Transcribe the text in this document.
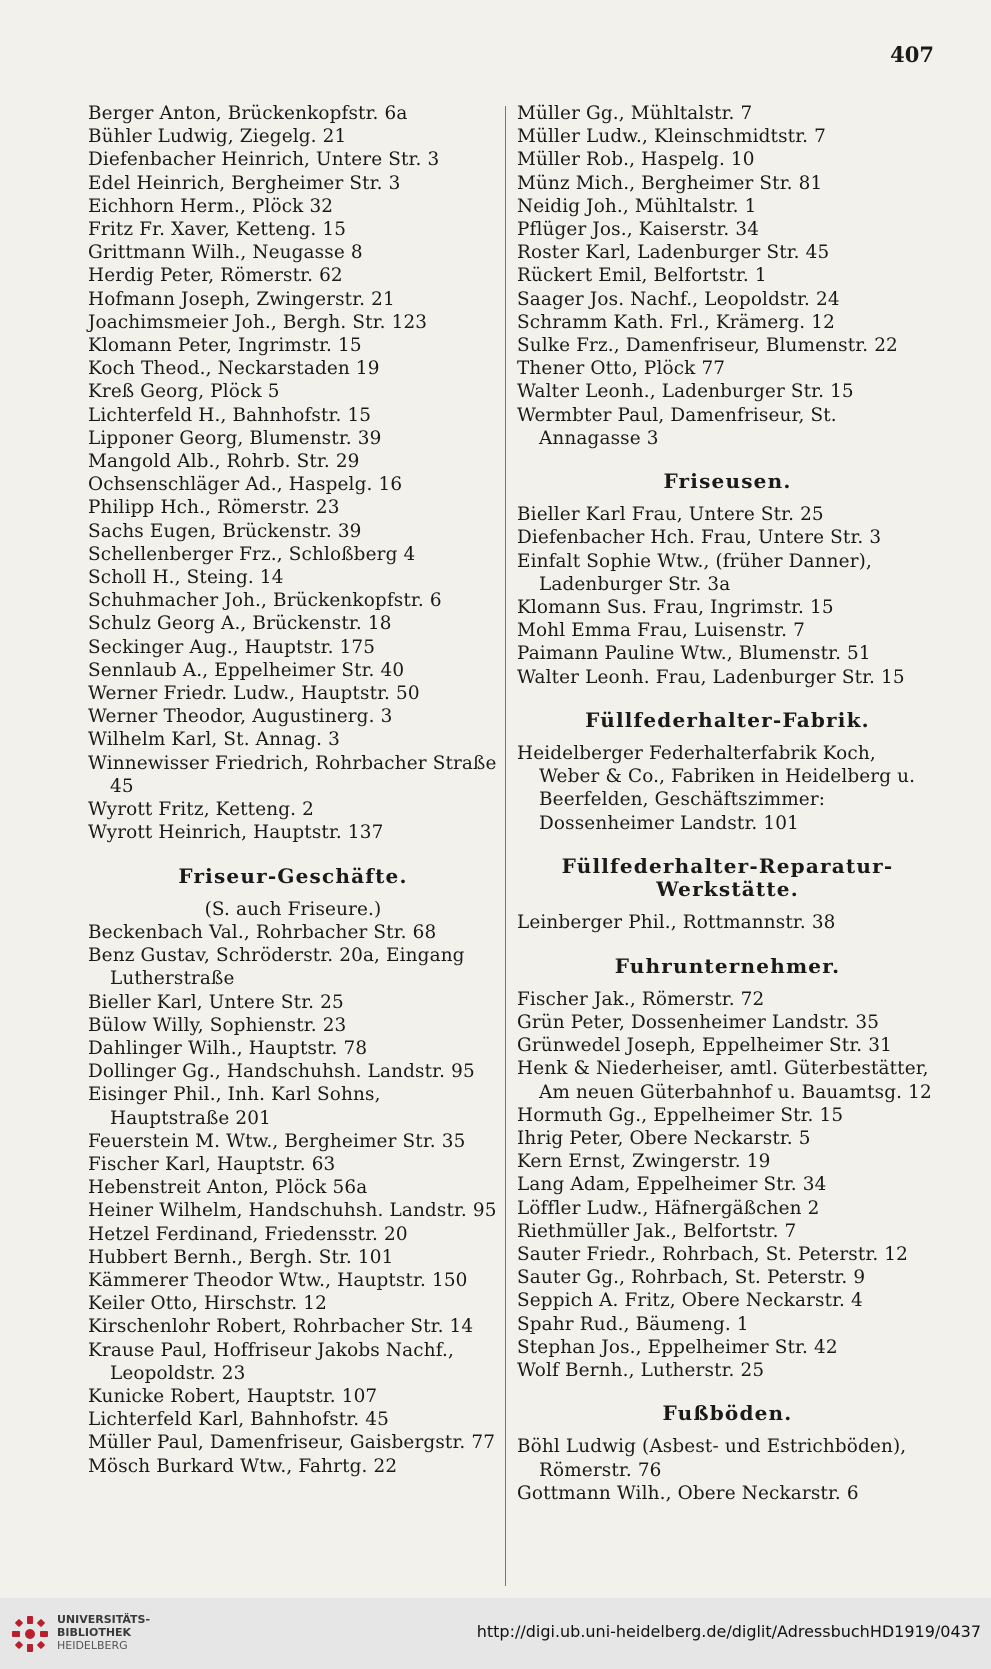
407

Berger Anton, Brückenkopfstr. 6a

Bühler Ludwig, Ziegelg. 21

Diefenbacher Heinrich, Untere Str. 3

Edel Heinrich, Bergheimer Str. 3

Eichhorn Herm., Plöck 32

Fritz Fr. Xaver, Ketteng. 15

Grittmann Wilh., Neugasse 8

Herdig Peter, Römerstr. 62

Hofmann Joseph, Zwingerstr. 21

Joachimsmeier Joh., Bergh. Str. 123

Klomann Peter, Ingrimstr. 15

Koch Theod., Neckarstaden 19

Kreß Georg, Plöck 5

Lichterfeld H., Bahnhofstr. 15

Lipponer Georg, Blumenstr. 39

Mangold Alb., Rohrb. Str. 29

Ochsenschläger Ad., Haspelg. 16

Philipp Hch., Römerstr. 23

Sachs Eugen, Brückenstr. 39

Schellenberger Frz., Schloßberg 4

Scholl H., Steing. 14

Schuhmacher Joh., Brückenkopfstr. 6

Schulz Georg A., Brückenstr. 18

Seckinger Aug., Hauptstr. 175

Sennlaub A., Eppelheimer Str. 40

Werner Friedr. Ludw., Hauptstr. 50

Werner Theodor, Augustinerg. 3

Wilhelm Karl, St. Annag. 3

Winnewisser Friedrich, Rohrbacher Straße 45

Wyrott Fritz, Ketteng. 2

Wyrott Heinrich, Hauptstr. 137

Friseur-Geschäfte.

(S. auch Friseure.)

Beckenbach Val., Rohrbacher Str. 68

Benz Gustav, Schröderstr. 20a, Eingang Lutherstraße

Bieller Karl, Untere Str. 25

Bülow Willy, Sophienstr. 23

Dahlinger Wilh., Hauptstr. 78

Dollinger Gg., Handschuhsh. Landstr. 95

Eisinger Phil., Inh. Karl Sohns, Hauptstraße 201

Feuerstein M. Wtw., Bergheimer Str. 35

Fischer Karl, Hauptstr. 63

Hebenstreit Anton, Plöck 56a

Heiner Wilhelm, Handschuhsh. Landstr. 95

Hetzel Ferdinand, Friedensstr. 20

Hubbert Bernh., Bergh. Str. 101

Kämmerer Theodor Wtw., Hauptstr. 150

Keiler Otto, Hirschstr. 12

Kirschenlohr Robert, Rohrbacher Str. 14

Krause Paul, Hoffriseur Jakobs Nachf., Leopoldstr. 23

Kunicke Robert, Hauptstr. 107

Lichterfeld Karl, Bahnhofstr. 45

Müller Paul, Damenfriseur, Gaisbergstr. 77

Mösch Burkard Wtw., Fahrtg. 22

Müller Gg., Mühltalstr. 7

Müller Ludw., Kleinschmidtstr. 7

Müller Rob., Haspelg. 10

Münz Mich., Bergheimer Str. 81

Neidig Joh., Mühltalstr. 1

Pflüger Jos., Kaiserstr. 34

Roster Karl, Ladenburger Str. 45

Rückert Emil, Belfortstr. 1

Saager Jos. Nachf., Leopoldstr. 24

Schramm Kath. Frl., Krämerg. 12

Sulke Frz., Damenfriseur, Blumenstr. 22

Thener Otto, Plöck 77

Walter Leonh., Ladenburger Str. 15

Wermbter Paul, Damenfriseur, St. Annagasse 3

Friseusen.

Bieller Karl Frau, Untere Str. 25

Diefenbacher Hch. Frau, Untere Str. 3

Einfalt Sophie Wtw., (früher Danner), Ladenburger Str. 3a

Klomann Sus. Frau, Ingrimstr. 15

Mohl Emma Frau, Luisenstr. 7

Paimann Pauline Wtw., Blumenstr. 51

Walter Leonh. Frau, Ladenburger Str. 15

Füllfederhalter-Fabrik.

Heidelberger Federhalterfabrik Koch, Weber & Co., Fabriken in Heidelberg u. Beerfelden, Geschäftszimmer: Dossenheimer Landstr. 101

Füllfederhalter-Reparatur-Werkstätte.

Leinberger Phil., Rottmannstr. 38

Fuhrunternehmer.

Fischer Jak., Römerstr. 72

Grün Peter, Dossenheimer Landstr. 35

Grünwedel Joseph, Eppelheimer Str. 31

Henk & Niederheiser, amtl. Güterbestätter, Am neuen Güterbahnhof u. Bauamtsg. 12

Hormuth Gg., Eppelheimer Str. 15

Ihrig Peter, Obere Neckarstr. 5

Kern Ernst, Zwingerstr. 19

Lang Adam, Eppelheimer Str. 34

Löffler Ludw., Häfnergäßchen 2

Riethmüller Jak., Belfortstr. 7

Sauter Friedr., Rohrbach, St. Peterstr. 12

Sauter Gg., Rohrbach, St. Peterstr. 9

Seppich A. Fritz, Obere Neckarstr. 4

Spahr Rud., Bäumeng. 1

Stephan Jos., Eppelheimer Str. 42

Wolf Bernh., Lutherstr. 25

Fußböden.

Böhl Ludwig (Asbest- und Estrichböden), Römerstr. 76

Gottmann Wilh., Obere Neckarstr. 6

UNIVERSITÄTS-
BIBLIOTHEK
HEIDELBERG
http://digi.ub.uni-heidelberg.de/diglit/AdressbuchHD1919/0437
